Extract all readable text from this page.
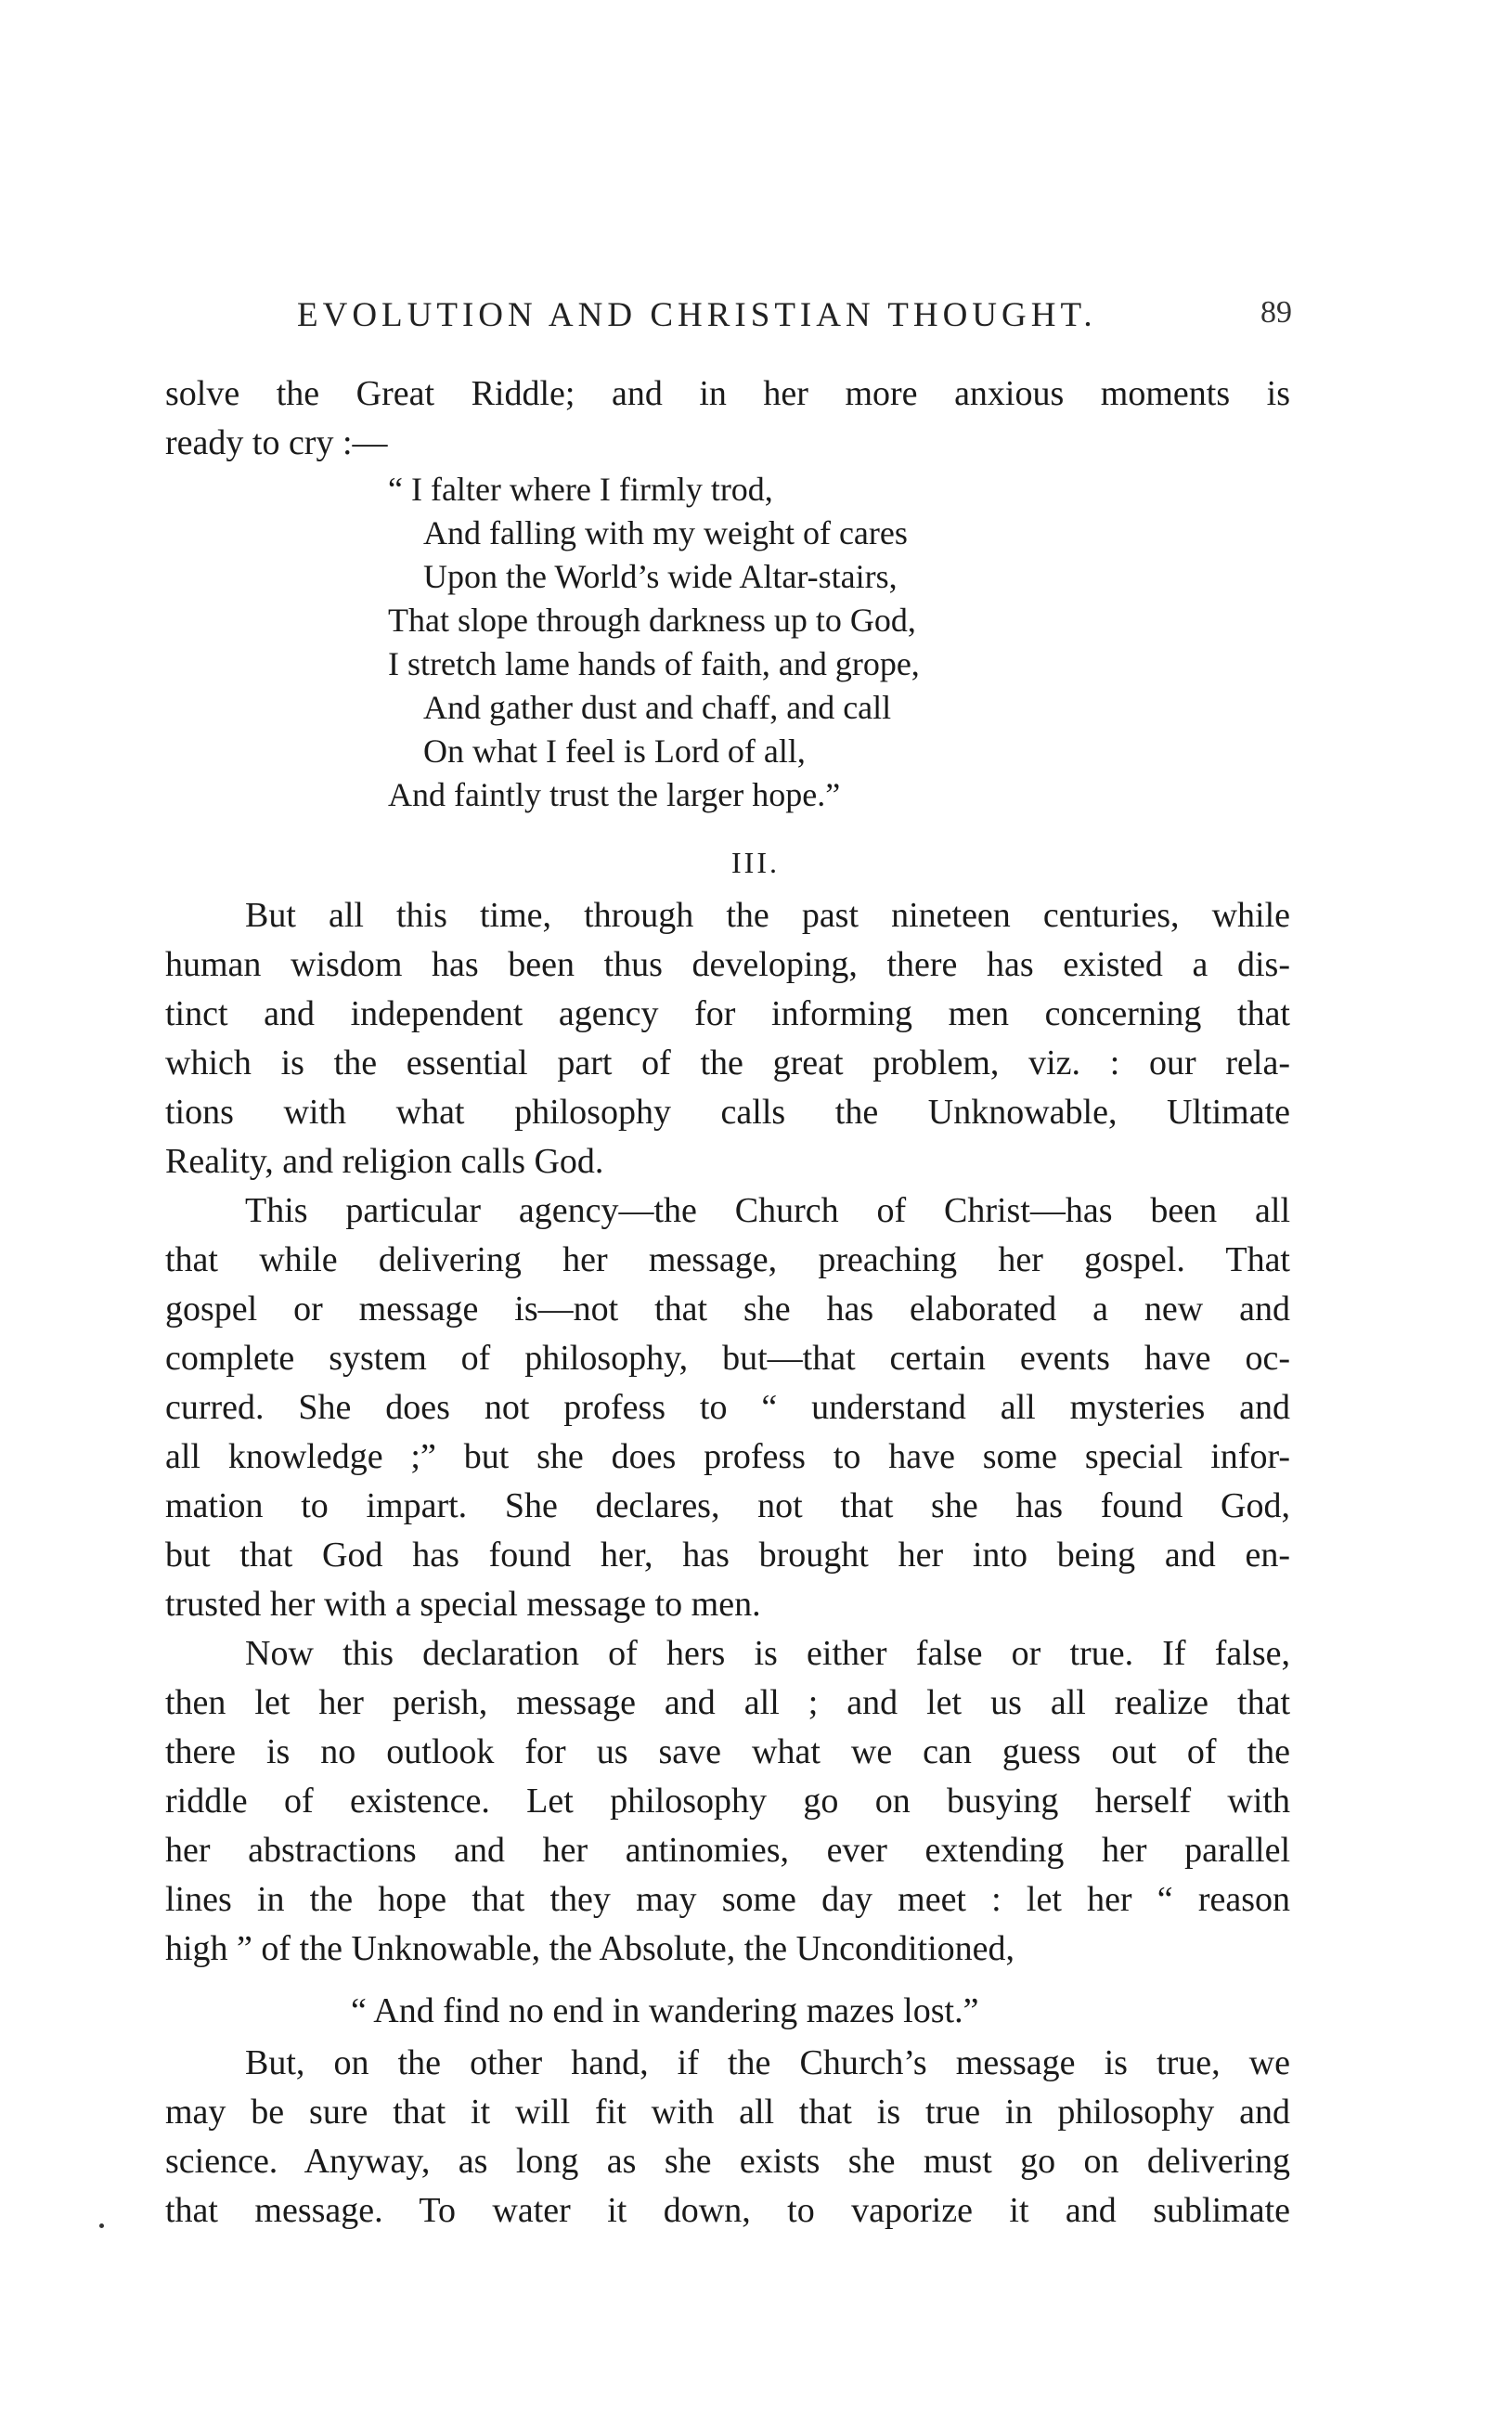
EVOLUTION AND CHRISTIAN THOUGHT.	89
solve the Great Riddle; and in her more anxious moments is
ready to cry :—
“ I falter where I firmly trod,
And falling with my weight of cares
Upon the World’s wide Altar-stairs,
That slope through darkness up to God,
I stretch lame hands of faith, and grope,
And gather dust and chaff, and call
On what I feel is Lord of all,
And faintly trust the larger hope.”
III.
But all this time, through the past nineteen centuries, while
human wisdom has been thus developing, there has existed a dis-
tinct and independent agency for informing men concerning that
which is the essential part of the great problem, viz. : our rela-
tions with what philosophy calls the Unknowable, Ultimate
Reality, and religion calls God.
This particular agency—the Church of Christ—has been all
that while delivering her message, preaching her gospel. That
gospel or message is—not that she has elaborated a new and
complete system of philosophy, but—that certain events have oc-
curred. She does not profess to “ understand all mysteries and
all knowledge ;” but she does profess to have some special infor-
mation to impart. She declares, not that she has found God,
but that God has found her, has brought her into being and en-
trusted her with a special message to men.
Now this declaration of hers is either false or true. If false,
then let her perish, message and all ; and let us all realize that
there is no outlook for us save what we can guess out of the
riddle of existence. Let philosophy go on busying herself with
her abstractions and her antinomies, ever extending her parallel
lines in the hope that they may some day meet : let her “ reason
high ” of the Unknowable, the Absolute, the Unconditioned,
“ And find no end in wandering mazes lost.”
But, on the other hand, if the Church’s message is true, we
may be sure that it will fit with all that is true in philosophy and
science. Anyway, as long as she exists she must go on delivering
that message. To water it down, to vaporize it and sublimate
